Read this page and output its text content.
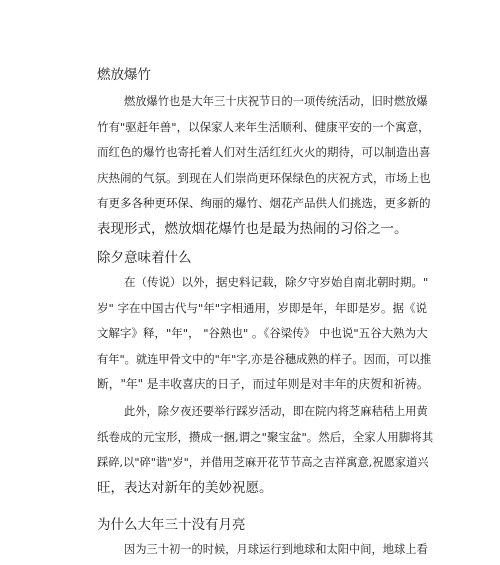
燃放爆竹
燃放爆竹也是大年三十庆祝节日的一项传统活动，旧时燃放爆
竹有"驱赶年兽"，以保家人来年生活顺利、健康平安的一个寓意，
而红色的爆竹也寄托着人们对生活红红火火的期待，可以制造出喜
庆热闹的气氛。到现在人们崇尚更环保绿色的庆祝方式，市场上也
有更多各种更环保、绚丽的爆竹、烟花产品供人们挑选，更多新的
表现形式，燃放烟花爆竹也是最为热闹的习俗之一。
除夕意味着什么
在（传说）以外，据史料记载，除夕守岁始自南北朝时期。"
岁" 字在中国古代与"年"字相通用，岁即是年，年即是岁。据《说
文解字》释，"年"， "谷熟也" 。《谷梁传》 中也说"五谷大熟为大
有年"。就连甲骨文中的"年"字,亦是谷穗成熟的样子。因而，可以推
断，"年" 是丰收喜庆的日子，而过年则是对丰年的庆贺和祈祷。
此外，除夕夜还要举行踩岁活动，即在院内将芝麻秸秸上用黄
纸卷成的元宝形，攒成一捆,谓之"聚宝盆"。然后，全家人用脚将其
踩碎,以"碎"谐"岁"，并借用芝麻开花节节高之吉祥寓意,祝愿家道兴
旺，表达对新年的美妙祝愿。
为什么大年三十没有月亮
因为三十初一的时候，月球运行到地球和太阳中间，地球上看
